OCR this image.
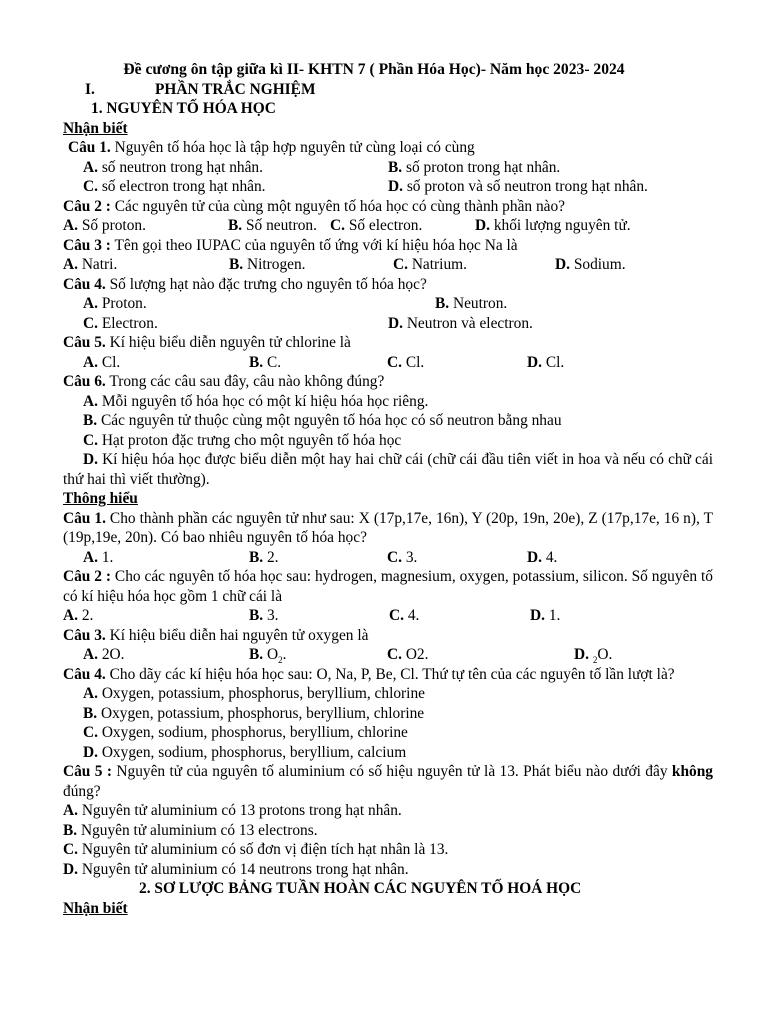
Đề cương ôn tập giữa kì II- KHTN 7 ( Phần Hóa Học)- Năm học 2023- 2024
I.	PHẦN TRẮC NGHIỆM
1. NGUYÊN TỐ HÓA HỌC
Nhận biết
Câu 1. Nguyên tố hóa học là tập hợp nguyên tử cùng loại có cùng
A. số neutron trong hạt nhân.	B. số proton trong hạt nhân.
C. số electron trong hạt nhân.	D. số proton và số neutron trong hạt nhân.
Câu 2 : Các nguyên tử của cùng một nguyên tố hóa học có cùng thành phần nào?
A. Số proton.	B. Số neutron. C. Số electron.	D. khối lượng nguyên tử.
Câu 3 : Tên gọi theo IUPAC của nguyên tố ứng với kí hiệu hóa học Na là
A. Natri.	B. Nitrogen.	C. Natrium.	D. Sodium.
Câu 4. Số lượng hạt nào đặc trưng cho nguyên tố hóa học?
A. Proton.	B. Neutron.
C. Electron.	D. Neutron và electron.
Câu 5. Kí hiệu biểu diễn nguyên tử chlorine là
A. Cl.	B. C.	C. Cl.	D. Cl.
Câu 6. Trong các câu sau đây, câu nào không đúng?
A. Mỗi nguyên tố hóa học có một kí hiệu hóa học riêng.
B. Các nguyên tử thuộc cùng một nguyên tố hóa học có số neutron bằng nhau
C. Hạt proton đặc trưng cho một nguyên tố hóa học
D. Kí hiệu hóa học được biểu diễn một hay hai chữ cái (chữ cái đầu tiên viết in hoa và nếu có chữ cái thứ hai thì viết thường).
Thông hiểu
Câu 1. Cho thành phần các nguyên tử như sau: X (17p,17e, 16n), Y (20p, 19n, 20e), Z (17p,17e, 16 n), T (19p,19e, 20n). Có bao nhiêu nguyên tố hóa học?
A. 1.	B. 2.	C. 3.	D. 4.
Câu 2 : Cho các nguyên tố hóa học sau: hydrogen, magnesium, oxygen, potassium, silicon. Số nguyên tố có kí hiệu hóa học gồm 1 chữ cái là
A. 2.	B. 3.	C. 4.	D. 1.
Câu 3. Kí hiệu biểu diễn hai nguyên tử oxygen là
A. 2O.	B. $O_2$.	C. O2.	D. $_2$O.
Câu 4. Cho dãy các kí hiệu hóa học sau: O, Na, P, Be, Cl. Thứ tự tên của các nguyên tố lần lượt là?
A. Oxygen, potassium, phosphorus, beryllium, chlorine
B. Oxygen, potassium, phosphorus, beryllium, chlorine
C. Oxygen, sodium, phosphorus, beryllium, chlorine
D. Oxygen, sodium, phosphorus, beryllium, calcium
Câu 5 : Nguyên tử của nguyên tố aluminium có số hiệu nguyên tử là 13. Phát biểu nào dưới đây không đúng?
A. Nguyên tử aluminium có 13 protons trong hạt nhân.
B. Nguyên tử aluminium có 13 electrons.
C. Nguyên tử aluminium có số đơn vị điện tích hạt nhân là 13.
D. Nguyên tử aluminium có 14 neutrons trong hạt nhân.
2. SƠ LƯỢC BẢNG TUẦN HOÀN CÁC NGUYÊN TỐ HOÁ HỌC
Nhận biết
